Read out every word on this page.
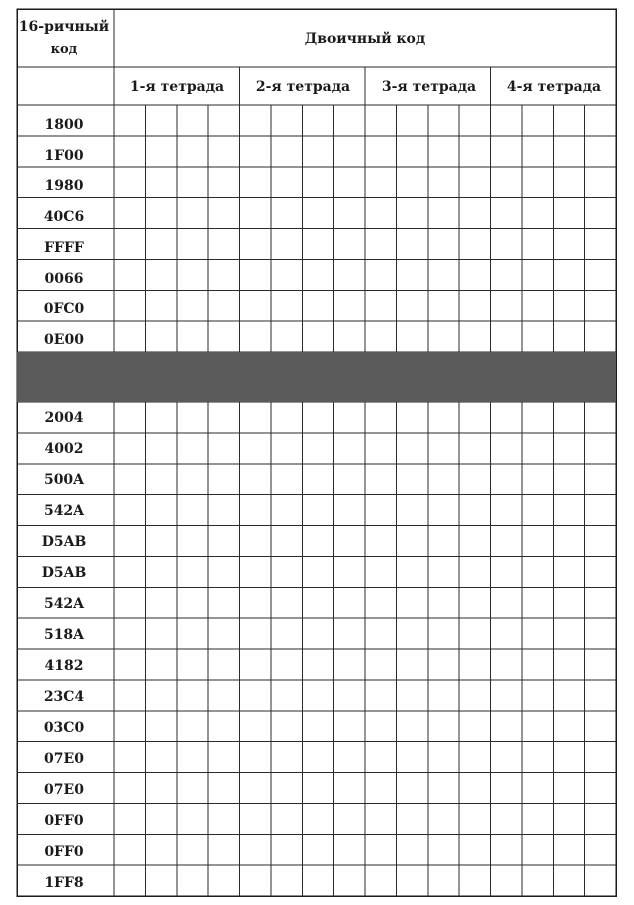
16-ричный
код
Двоичный код
1-я тетрада 2-я тетрада 3-я тетрада 4-я тетрада
1800
1F00
1980
40C6
FFFF
0066
0FC0
0E00
2004
4002
500A
542A
D5AB
D5AB
542A
518A
4182
23C4
03C0
07E0
07E0
0FF0
0FF0
1FF8
